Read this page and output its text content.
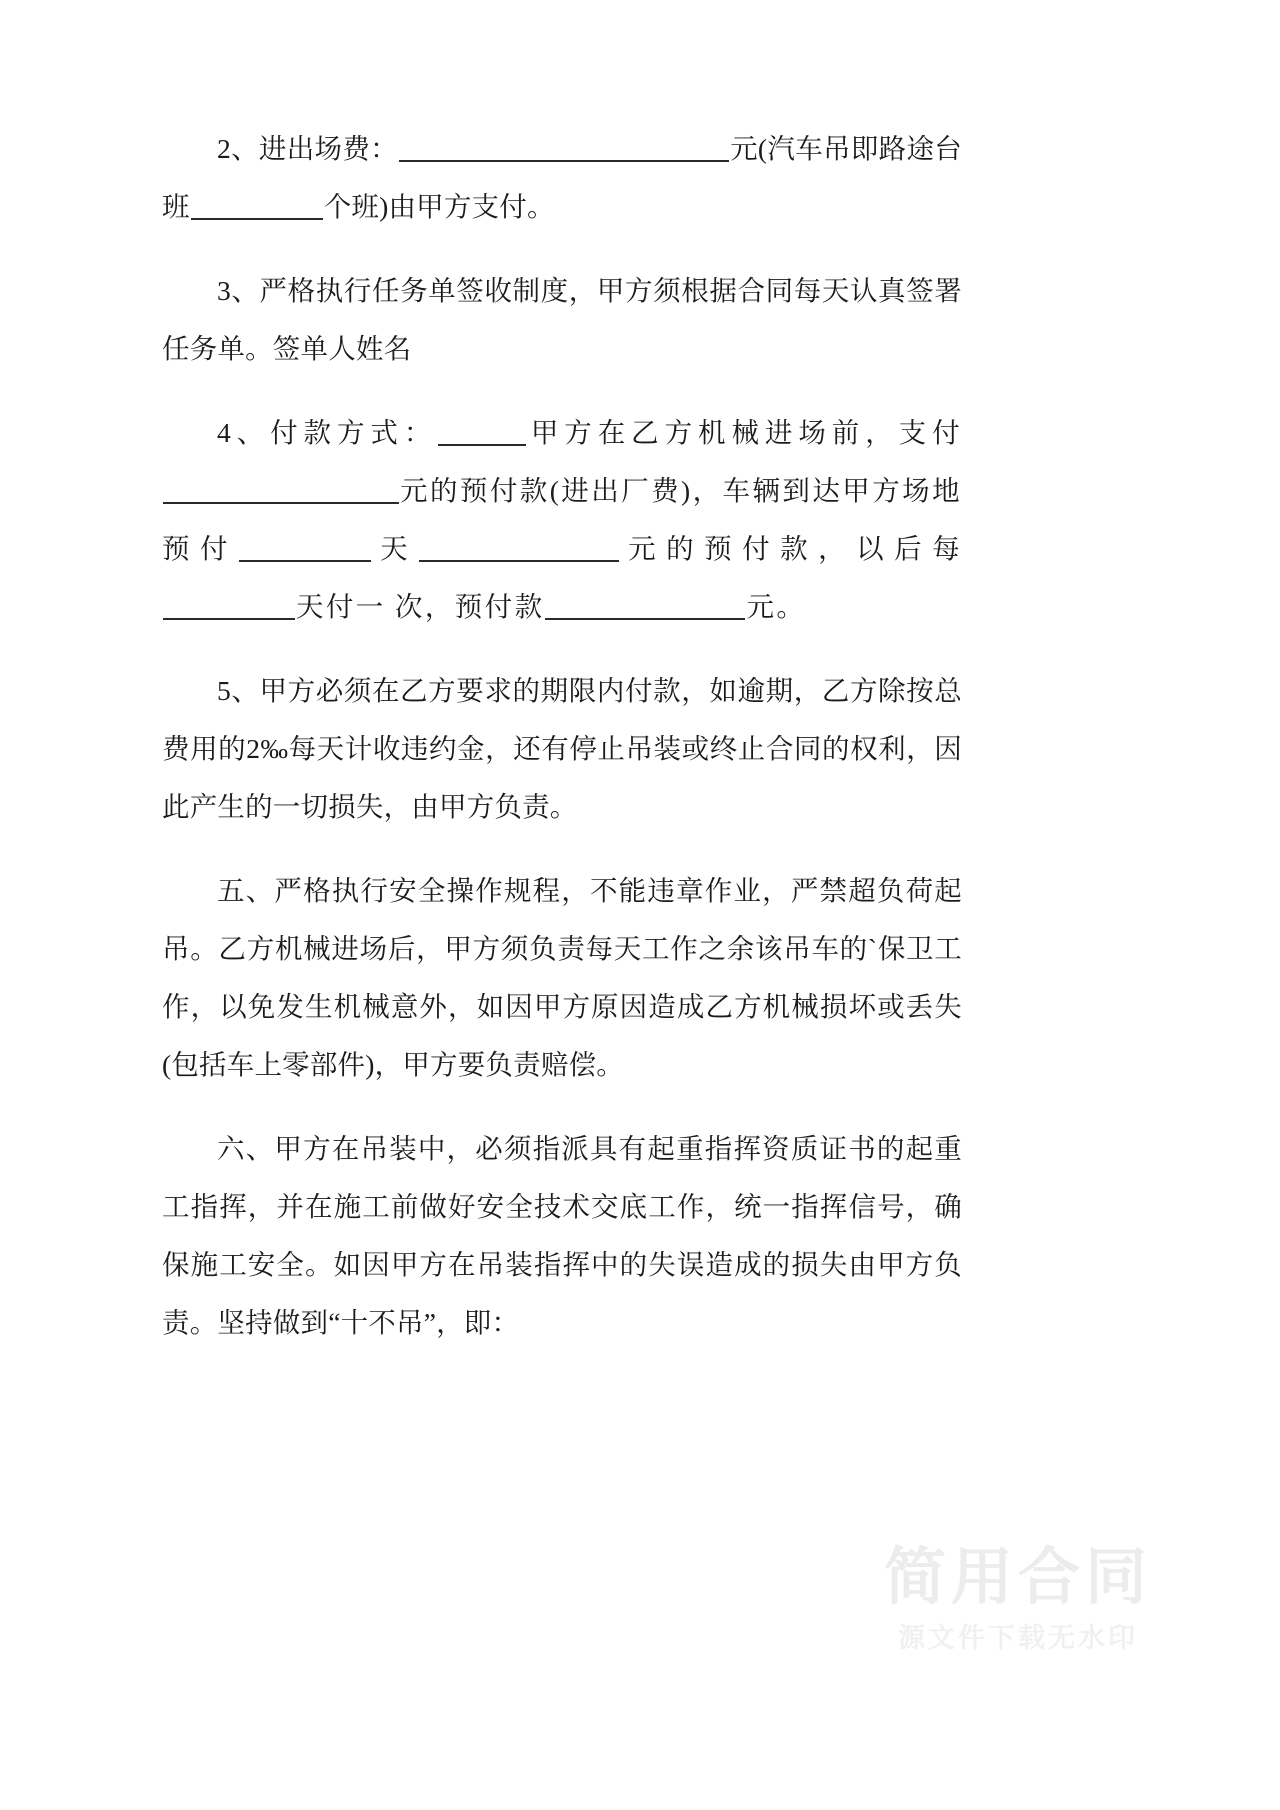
2、进出场费：	元(汽车吊即路途台班	个班)由甲方支付。

3、严格执行任务单签收制度，甲方须根据合同每天认真签署任务单。签单人姓名

4、付款方式：	甲方在乙方机械进场前，支付元的预付款(进出厂费)，车辆到达甲方场地预付	天	元的预付款，以后每天付一 次，预付款	元。

5、甲方必须在乙方要求的期限内付款，如逾期，乙方除按总费用的2‰每天计收违约金，还有停止吊装或终止合同的权利，因此产生的一切损失，由甲方负责。

五、严格执行安全操作规程，不能违章作业，严禁超负荷起吊。乙方机械进场后，甲方须负责每天工作之余该吊车的`保卫工作，以免发生机械意外，如因甲方原因造成乙方机械损坏或丢失(包括车上零部件)，甲方要负责赔偿。

六、甲方在吊装中，必须指派具有起重指挥资质证书的起重工指挥，并在施工前做好安全技术交底工作，统一指挥信号，确保施工安全。如因甲方在吊装指挥中的失误造成的损失由甲方负责。坚持做到“十不吊”，即：

简用合同
源文件下载无水印
